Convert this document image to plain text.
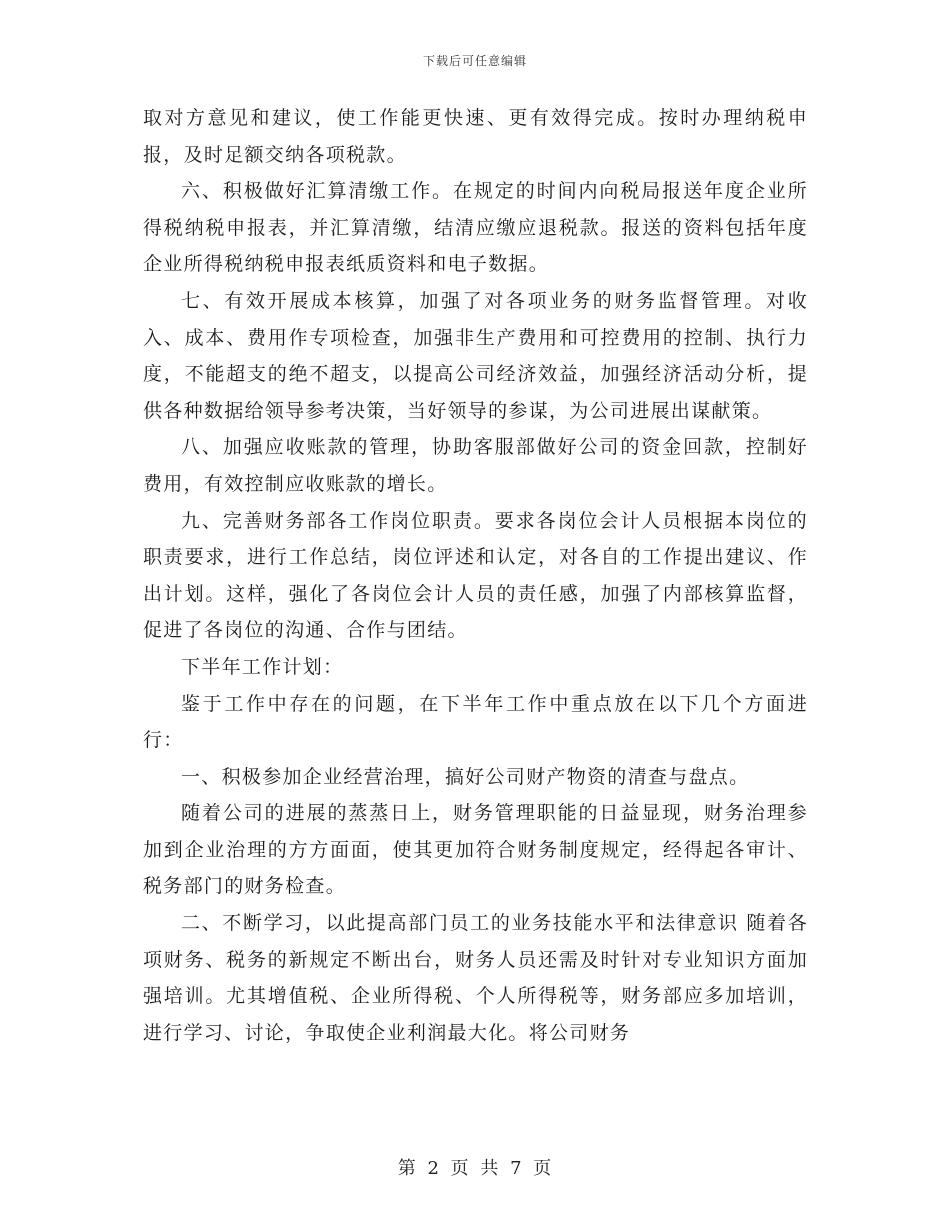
下载后可任意编辑

取对方意见和建议，使工作能更快速、更有效得完成。按时办理纳税申报，及时足额交纳各项税款。

六、积极做好汇算清缴工作。在规定的时间内向税局报送年度企业所得税纳税申报表，并汇算清缴，结清应缴应退税款。报送的资料包括年度企业所得税纳税申报表纸质资料和电子数据。

七、有效开展成本核算，加强了对各项业务的财务监督管理。对收入、成本、费用作专项检查，加强非生产费用和可控费用的控制、执行力度，不能超支的绝不超支，以提高公司经济效益，加强经济活动分析，提供各种数据给领导参考决策，当好领导的参谋，为公司进展出谋献策。

八、加强应收账款的管理，协助客服部做好公司的资金回款，控制好费用，有效控制应收账款的增长。

九、完善财务部各工作岗位职责。要求各岗位会计人员根据本岗位的职责要求，进行工作总结，岗位评述和认定，对各自的工作提出建议、作出计划。这样，强化了各岗位会计人员的责任感，加强了内部核算监督，促进了各岗位的沟通、合作与团结。

下半年工作计划：

鉴于工作中存在的问题，在下半年工作中重点放在以下几个方面进行：

一、积极参加企业经营治理，搞好公司财产物资的清查与盘点。

随着公司的进展的蒸蒸日上，财务管理职能的日益显现，财务治理参加到企业治理的方方面面，使其更加符合财务制度规定，经得起各审计、税务部门的财务检查。

二、不断学习，以此提高部门员工的业务技能水平和法律意识 随着各项财务、税务的新规定不断出台，财务人员还需及时针对专业知识方面加强培训。尤其增值税、企业所得税、个人所得税等，财务部应多加培训，进行学习、讨论，争取使企业利润最大化。将公司财务

第 2 页 共 7 页
